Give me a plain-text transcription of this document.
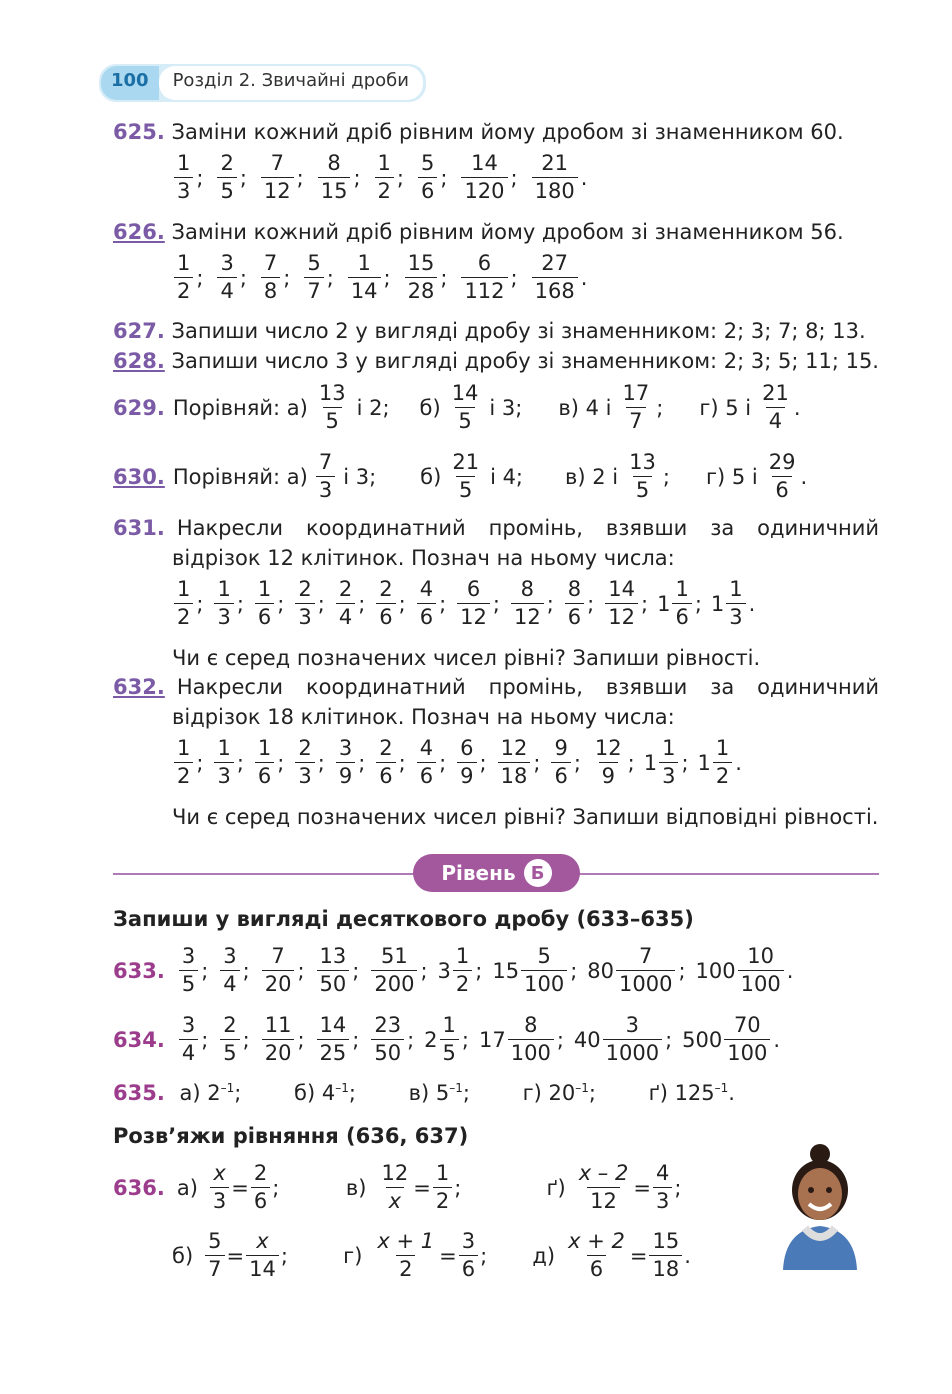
100	Розділ 2. Звичайні дроби
625. Заміни кожний дріб рівним йому дробом зі знаменником 60.
$\frac{1}{3}$ ; $\frac{2}{5}$ ; $\frac{7}{12}$ ; $\frac{8}{15}$ ; $\frac{1}{2}$ ; $\frac{5}{6}$ ; $\frac{14}{120}$ ; $\frac{21}{180}$ .
626. Заміни кожний дріб рівним йому дробом зі знаменником 56.
$\frac{1}{2}$ ; $\frac{3}{4}$ ; $\frac{7}{8}$ ; $\frac{5}{7}$ ; $\frac{1}{14}$ ; $\frac{15}{28}$ ; $\frac{6}{112}$ ; $\frac{27}{168}$ .
627. Запиши число 2 у вигляді дробу зі знаменником: 2; 3; 7; 8; 13.
628. Запиши число 3 у вигляді дробу зі знаменником: 2; 3; 5; 11; 15.
629. Порівняй: $а) \frac{13}{5}$ і 2; $б) \frac{14}{5}$ і 3; в) 4 і $\frac{17}{7}$ ; г) 5 і $\frac{21}{4}$ .
630. Порівняй: $а) \frac{7}{3}$ і 3; $б) \frac{21}{5}$ і 4; в) 2 і $\frac{13}{5}$ ; г) 5 і $\frac{29}{6}$ .
631. Накресли координатний промінь, взявши за одиничний
відрізок 12 клітинок. Познач на ньому числа:
$\frac{1}{2}$ ; $\frac{1}{3}$ ; $\frac{1}{6}$ ; $\frac{2}{3}$ ; $\frac{2}{4}$ ; $\frac{2}{6}$ ; $\frac{4}{6}$ ; $\frac{6}{12}$ ; $\frac{8}{12}$ ; $\frac{8}{6}$ ; $\frac{14}{12}$ ; $1 \frac{1}{6}$ ; $1 \frac{1}{3}$ .
Чи є серед позначених чисел рівні? Запиши рівності.
632. Накресли координатний промінь, взявши за одиничний
відрізок 18 клітинок. Познач на ньому числа:
$\frac{1}{2}$ ; $\frac{1}{3}$ ; $\frac{1}{6}$ ; $\frac{2}{3}$ ; $\frac{3}{9}$ ; $\frac{2}{6}$ ; $\frac{4}{6}$ ; $\frac{6}{9}$ ; $\frac{12}{18}$ ; $\frac{9}{6}$ ; $\frac{12}{9}$ ; $1 \frac{1}{3}$ ; $1 \frac{1}{2}$ .
Чи є серед позначених чисел рівні? Запиши відповідні рівності.
Рівень Б
Запиши у вигляді десяткового дробу (633–635)
633. $\frac{3}{5}$ ; $\frac{3}{4}$ ; $\frac{7}{20}$ ; $\frac{13}{50}$ ; $\frac{51}{200}$ ; $3 \frac{1}{2}$ ; $15 \frac{5}{100}$ ; $80 \frac{7}{1000}$ ; $100 \frac{10}{100}$ .
634. $\frac{3}{4}$ ; $\frac{2}{5}$ ; $\frac{11}{20}$ ; $\frac{14}{25}$ ; $\frac{23}{50}$ ; $2 \frac{1}{5}$ ; $17 \frac{8}{100}$ ; $40 \frac{3}{1000}$ ; $500 \frac{70}{100}$ .
635. а) $2^{-1}$;	б) $4^{-1}$;	в) $5^{-1}$;	г) $20^{-1}$;	ґ) $125^{-1}$.
Розв’яжи рівняння (636, 637)
636. $а) \frac{x}{3} = \frac{2}{6}$ ;	$в) \frac{12}{x} = \frac{1}{2}$ ;	$ґ) \frac{x - 2}{12} = \frac{4}{3}$ ;
$б) \frac{5}{7} = \frac{x}{14}$ ;	$г) \frac{x + 1}{2} = \frac{3}{6}$ ; $д) \frac{x + 2}{6} = \frac{15}{18}$ .
